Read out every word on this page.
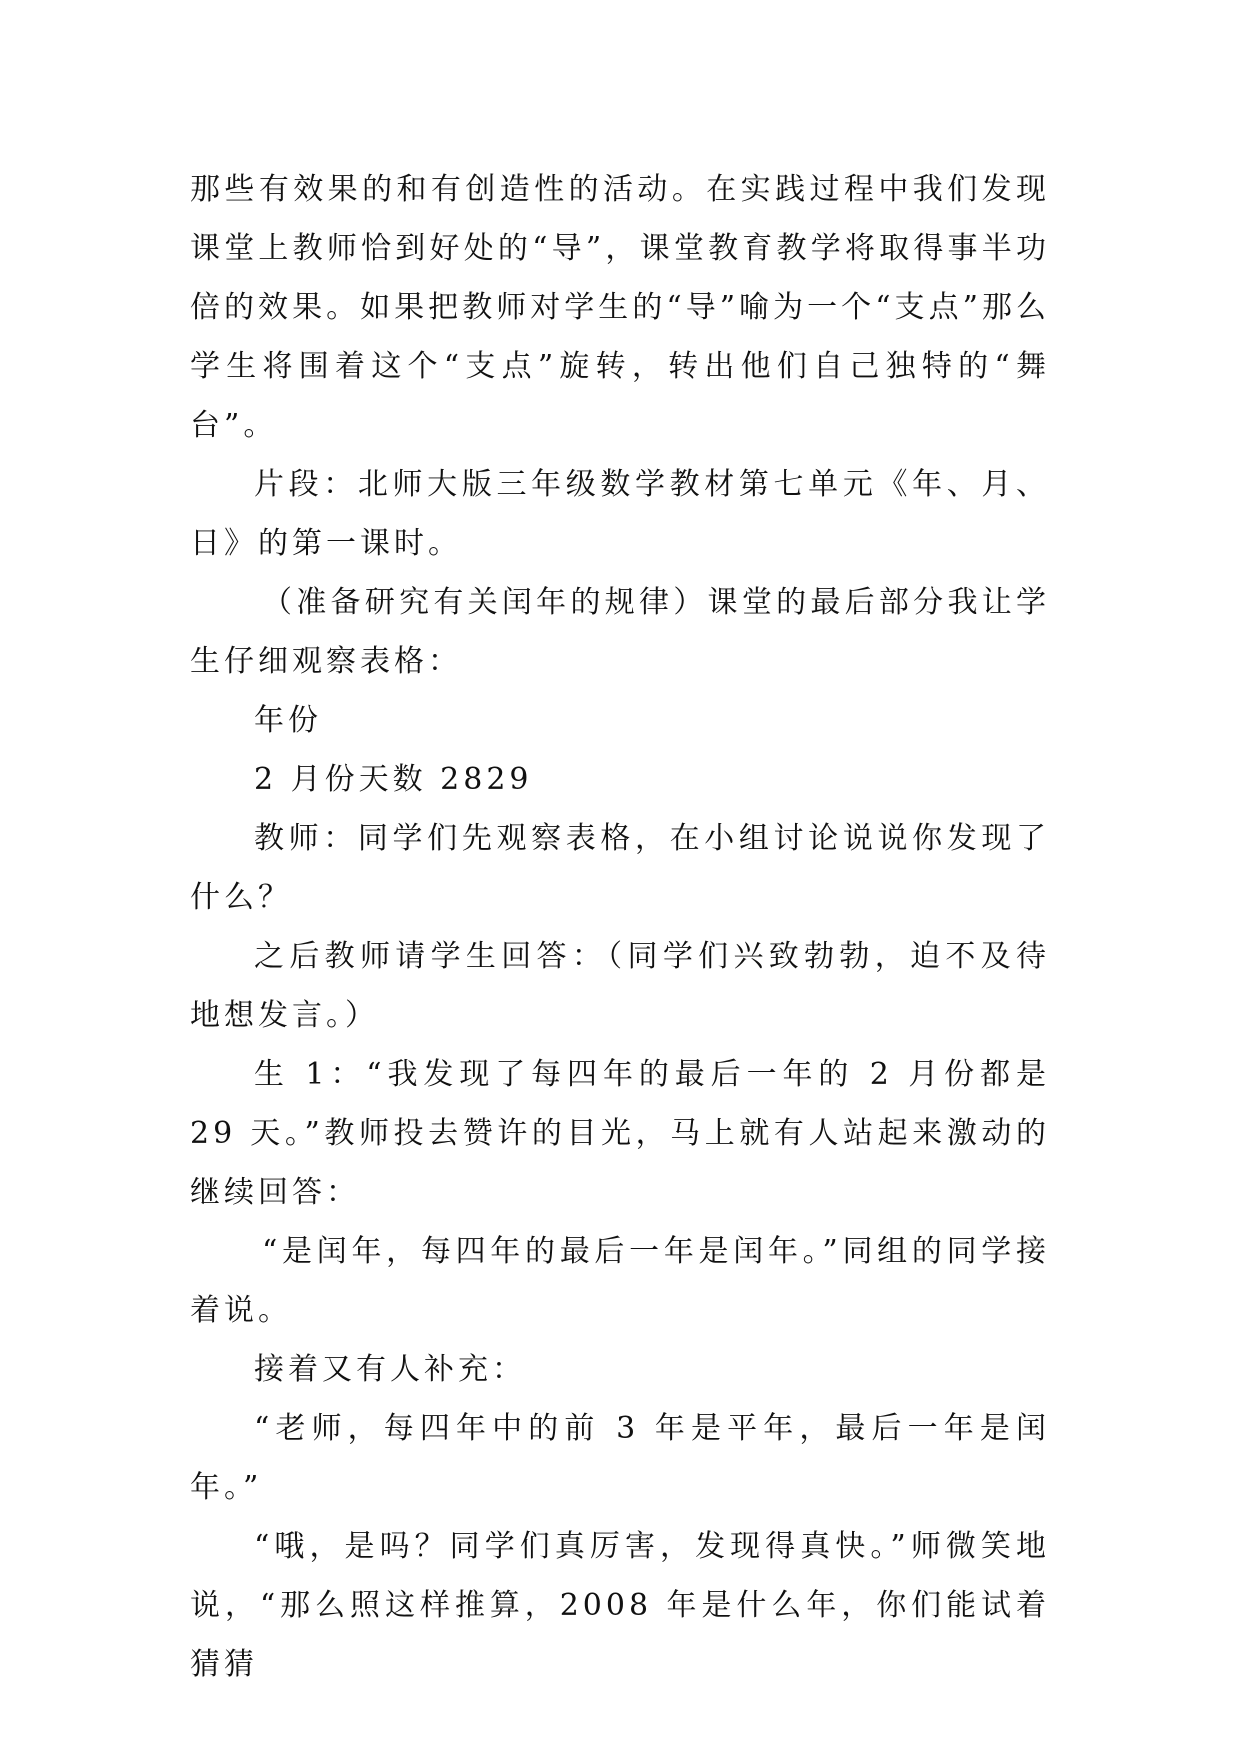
那些有效果的和有创造性的活动。在实践过程中我们发现课堂上教师恰到好处的“导”，课堂教育教学将取得事半功倍的效果。如果把教师对学生的“导”喻为一个“支点”那么学生将围着这个“支点”旋转，转出他们自己独特的“舞台”。

片段：北师大版三年级数学教材第七单元《年、月、日》的第一课时。

（准备研究有关闰年的规律）课堂的最后部分我让学生仔细观察表格：

年份

2 月份天数 2829

教师：同学们先观察表格，在小组讨论说说你发现了什么？

之后教师请学生回答：（同学们兴致勃勃，迫不及待地想发言。）

生 1：“我发现了每四年的最后一年的 2 月份都是 29 天。”教师投去赞许的目光，马上就有人站起来激动的继续回答：

“是闰年，每四年的最后一年是闰年。”同组的同学接着说。

接着又有人补充：

“老师，每四年中的前 3 年是平年，最后一年是闰年。”

“哦，是吗？同学们真厉害，发现得真快。”师微笑地说，“那么照这样推算，2008 年是什么年，你们能试着猜猜
